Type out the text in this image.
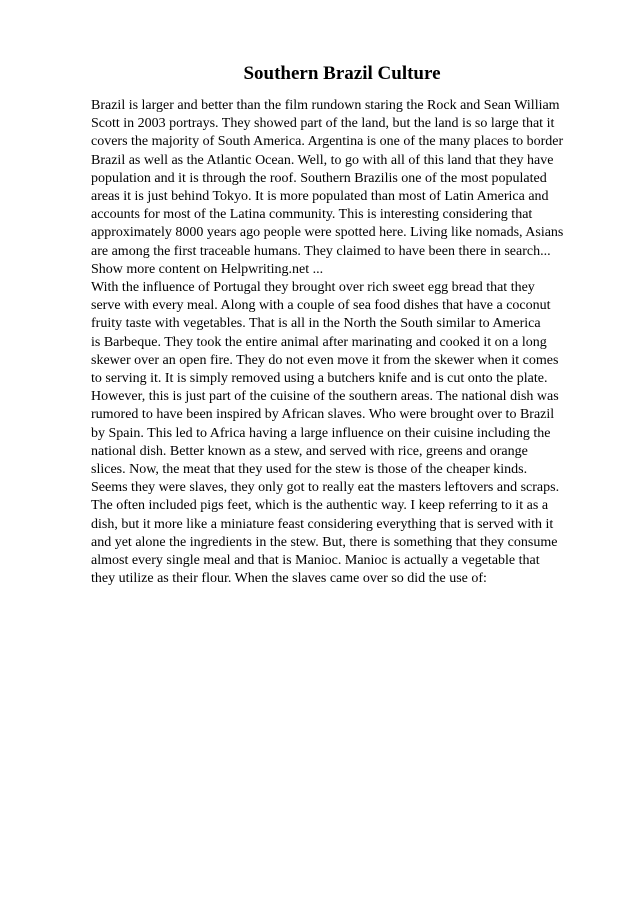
Southern Brazil Culture
Brazil is larger and better than the film rundown staring the Rock and Sean William
Scott in 2003 portrays. They showed part of the land, but the land is so large that it
covers the majority of South America. Argentina is one of the many places to border
Brazil as well as the Atlantic Ocean. Well, to go with all of this land that they have
population and it is through the roof. Southern Brazilis one of the most populated
areas it is just behind Tokyo. It is more populated than most of Latin America and
accounts for most of the Latina community. This is interesting considering that
approximately 8000 years ago people were spotted here. Living like nomads, Asians
are among the first traceable humans. They claimed to have been there in search...
Show more content on Helpwriting.net ...
With the influence of Portugal they brought over rich sweet egg bread that they
serve with every meal. Along with a couple of sea food dishes that have a coconut
fruity taste with vegetables. That is all in the North the South similar to America
is Barbeque. They took the entire animal after marinating and cooked it on a long
skewer over an open fire. They do not even move it from the skewer when it comes
to serving it. It is simply removed using a butchers knife and is cut onto the plate.
However, this is just part of the cuisine of the southern areas. The national dish was
rumored to have been inspired by African slaves. Who were brought over to Brazil
by Spain. This led to Africa having a large influence on their cuisine including the
national dish. Better known as a stew, and served with rice, greens and orange
slices. Now, the meat that they used for the stew is those of the cheaper kinds.
Seems they were slaves, they only got to really eat the masters leftovers and scraps.
The often included pigs feet, which is the authentic way. I keep referring to it as a
dish, but it more like a miniature feast considering everything that is served with it
and yet alone the ingredients in the stew. But, there is something that they consume
almost every single meal and that is Manioc. Manioc is actually a vegetable that
they utilize as their flour. When the slaves came over so did the use of:
